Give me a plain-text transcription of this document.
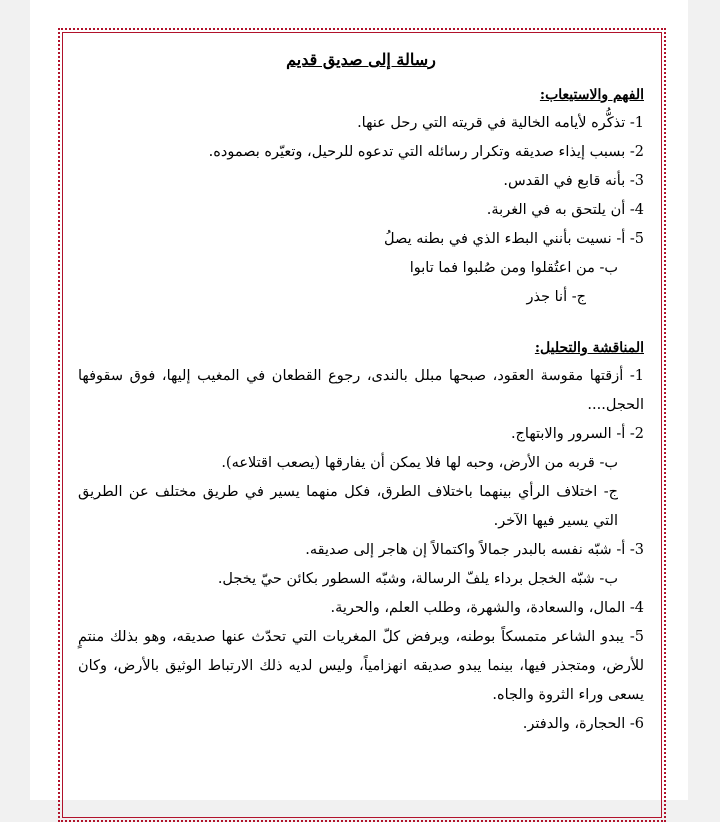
رسالة إلى صديق قديم
الفهم والاستيعاب:

1- تذكُّره لأيامه الخالية في قريته التي رحل عنها.

2- بسبب إيذاء صديقه وتكرار رسائله التي تدعوه للرحيل، وتعيّره بصموده.

3- بأنه قابع في القدس.

4- أن يلتحق به في الغربة.

5- أ- نسيت بأنني البطء الذي في بطنه يصلُ

ب- من اعتُقلوا ومن صُلبوا فما تابوا

ج- أنا جذر

المناقشة والتحليل:

1- أزقتها مقوسة العقود، صبحها مبلل بالندى، رجوع القطعان في المغيب إليها، فوق سقوفها الحجل....

2- أ- السرور والابتهاج.

ب- قربه من الأرض، وحبه لها فلا يمكن أن يفارقها (يصعب اقتلاعه).

ج- اختلاف الرأي بينهما باختلاف الطرق، فكل منهما يسير في طريق مختلف عن الطريق التي يسير فيها الآخر.

3- أ- شبّه نفسه بالبدر جمالاً واكتمالاً إن هاجر إلى صديقه.

ب- شبّه الخجل برداء يلفّ الرسالة، وشبّه السطور بكائن حيّ يخجل.

4- المال، والسعادة، والشهرة، وطلب العلم، والحرية.

5- يبدو الشاعر متمسكاً بوطنه، ويرفض كلّ المغريات التي تحدّث عنها صديقه، وهو بذلك منتمٍ للأرض، ومتجذر فيها، بينما يبدو صديقه انهزامياً، وليس لديه ذلك الارتباط الوثيق بالأرض، وكان يسعى وراء الثروة والجاه.

6- الحجارة، والدفتر.
